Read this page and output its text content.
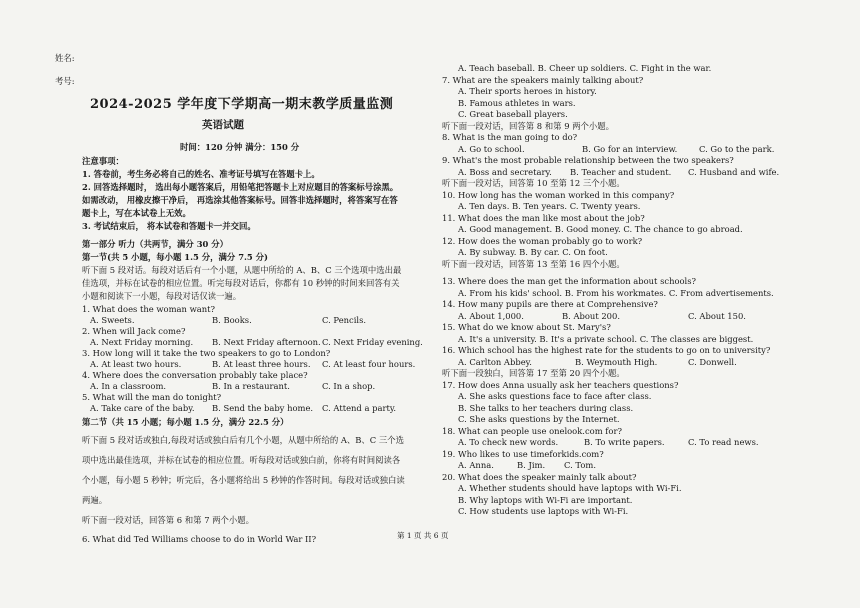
姓名:
考号:
2024-2025 学年度下学期高一期末教学质量监测
英语试题
时间：120 分钟 满分：150 分
注意事项：
1. 答卷前，考生务必将自己的姓名、准考证号填写在答题卡上。
2. 回答选择题时， 选出每小题答案后，用铅笔把答题卡上对应题目的答案标号涂黑。
如需改动， 用橡皮擦干净后， 再选涂其他答案标号。回答非选择题时，将答案写在答
题卡上，写在本试卷上无效。
3. 考试结束后， 将本试卷和答题卡一并交回。
第一部分 听力（共两节，满分 30 分）
第一节(共 5 小题，每小题 1.5 分，满分 7.5 分)
听下面 5 段对话。每段对话后有一个小题，从题中所给的 A、B、C 三个选项中选出最
佳选项，并标在试卷的相应位置。听完每段对话后，你都有 10 秒钟的时间来回答有关
小题和阅读下一小题，每段对话仅读一遍。
1. What does the woman want?
A. Sweets.	B. Books.	C. Pencils.
2. When will Jack come?
A. Next Friday morning. B. Next Friday afternoon. C. Next Friday evening.
3. How long will it take the two speakers to go to London?
A. At least two hours.	B. At least three hours. C. At least four hours.
4. Where does the conversation probably take place?
A. In a classroom.	B. In a restaurant.	C. In a shop.
5. What will the man do tonight?
A. Take care of the baby. B. Send the baby home. C. Attend a party.
第二节（共 15 小题；每小题 1.5 分，满分 22.5 分）
听下面 5 段对话或独白,每段对话或独白后有几个小题，从题中所给的 A、B、C 三个选
项中选出最佳选项，并标在试卷的相应位置。听每段对话或独白前，你将有时间阅读各
个小题，每小题 5 秒钟；听完后，各小题将给出 5 秒钟的作答时间。每段对话或独白读
两遍。
听下面一段对话，回答第 6 和第 7 两个小题。
6. What did Ted Williams choose to do in World War II?
A. Teach baseball. B. Cheer up soldiers. C. Fight in the war.
7. What are the speakers mainly talking about?
A. Their sports heroes in history.
B. Famous athletes in wars.
C. Great baseball players.
听下面一段对话，回答第 8 和第 9 两个小题。
8. What is the man going to do?
A. Go to school.	B. Go for an interview.	C. Go to the park.
9. What's the most probable relationship between the two speakers?
A. Boss and secretary. B. Teacher and student. C. Husband and wife.
听下面一段对话，回答第 10 至第 12 三个小题。
10. How long has the woman worked in this company?
A. Ten days. B. Ten years. C. Twenty years.
11. What does the man like most about the job?
A. Good management. B. Good money. C. The chance to go abroad.
12. How does the woman probably go to work?
A. By subway. B. By car. C. On foot.
听下面一段对话，回答第 13 至第 16 四个小题。
13. Where does the man get the information about schools?
A. From his kids' school. B. From his workmates. C. From advertisements.
14. How many pupils are there at Comprehensive?
A. About 1,000.	B. About 200.	C. About 150.
15. What do we know about St. Mary's?
A. It's a university. B. It's a private school. C. The classes are biggest.
16. Which school has the highest rate for the students to go on to university?
A. Carlton Abbey.	B. Weymouth High.	C. Donwell.
听下面一段独白，回答第 17 至第 20 四个小题。
17. How does Anna usually ask her teachers questions?
A. She asks questions face to face after class.
B. She talks to her teachers during class.
C. She asks questions by the Internet.
18. What can people use onelook.com for?
A. To check new words.	B. To write papers.	C. To read news.
19. Who likes to use timeforkids.com?
A. Anna.	B. Jim. C. Tom.
20. What does the speaker mainly talk about?
A. Whether students should have laptops with Wi-Fi.
B. Why laptops with Wi-Fi are important.
C. How students use laptops with Wi-Fi.
第 1 页 共 6 页
